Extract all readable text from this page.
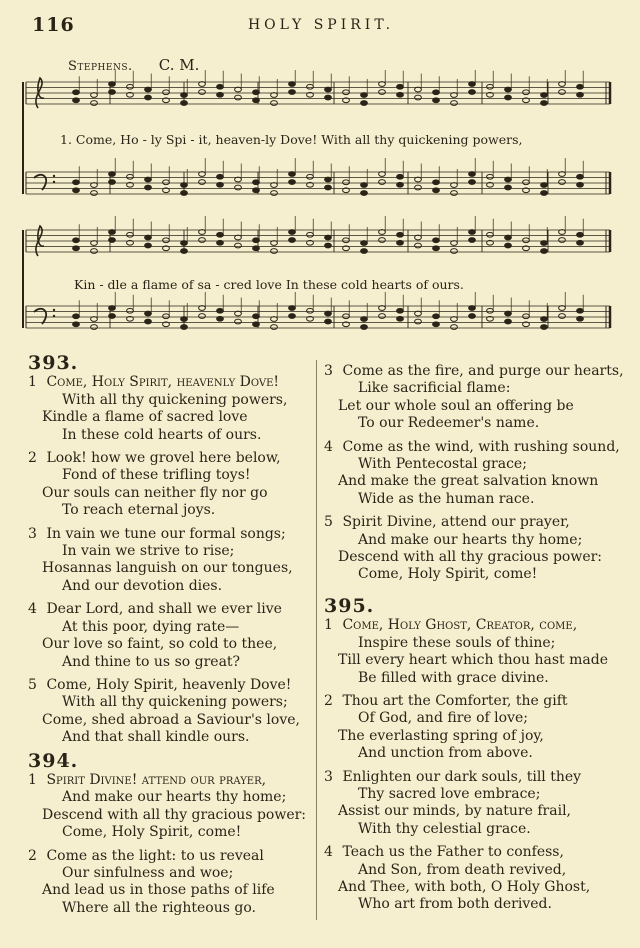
116	HOLY SPIRIT.
Stephens. C. M.
1. Come, Ho - ly Spi - it, heaven-ly Dove! With all thy quickening powers,
Kin - dle a flame of sa - cred love In these cold hearts of ours.
393.
1 Come, Holy Spirit, heavenly Dove!
With all thy quickening powers,
Kindle a flame of sacred love
In these cold hearts of ours.
2 Look! how we grovel here below,
Fond of these trifling toys!
Our souls can neither fly nor go
To reach eternal joys.
3 In vain we tune our formal songs;
In vain we strive to rise;
Hosannas languish on our tongues,
And our devotion dies.
4 Dear Lord, and shall we ever live
At this poor, dying rate—
Our love so faint, so cold to thee,
And thine to us so great?
5 Come, Holy Spirit, heavenly Dove!
With all thy quickening powers;
Come, shed abroad a Saviour's love,
And that shall kindle ours.
394.
1 Spirit Divine! attend our prayer,
And make our hearts thy home;
Descend with all thy gracious power:
Come, Holy Spirit, come!
2 Come as the light: to us reveal
Our sinfulness and woe;
And lead us in those paths of life
Where all the righteous go.
3 Come as the fire, and purge our hearts,
Like sacrificial flame:
Let our whole soul an offering be
To our Redeemer's name.
4 Come as the wind, with rushing sound,
With Pentecostal grace;
And make the great salvation known
Wide as the human race.
5 Spirit Divine, attend our prayer,
And make our hearts thy home;
Descend with all thy gracious power:
Come, Holy Spirit, come!
395.
1 Come, Holy Ghost, Creator, come,
Inspire these souls of thine;
Till every heart which thou hast made
Be filled with grace divine.
2 Thou art the Comforter, the gift
Of God, and fire of love;
The everlasting spring of joy,
And unction from above.
3 Enlighten our dark souls, till they
Thy sacred love embrace;
Assist our minds, by nature frail,
With thy celestial grace.
4 Teach us the Father to confess,
And Son, from death revived,
And Thee, with both, O Holy Ghost,
Who art from both derived.
